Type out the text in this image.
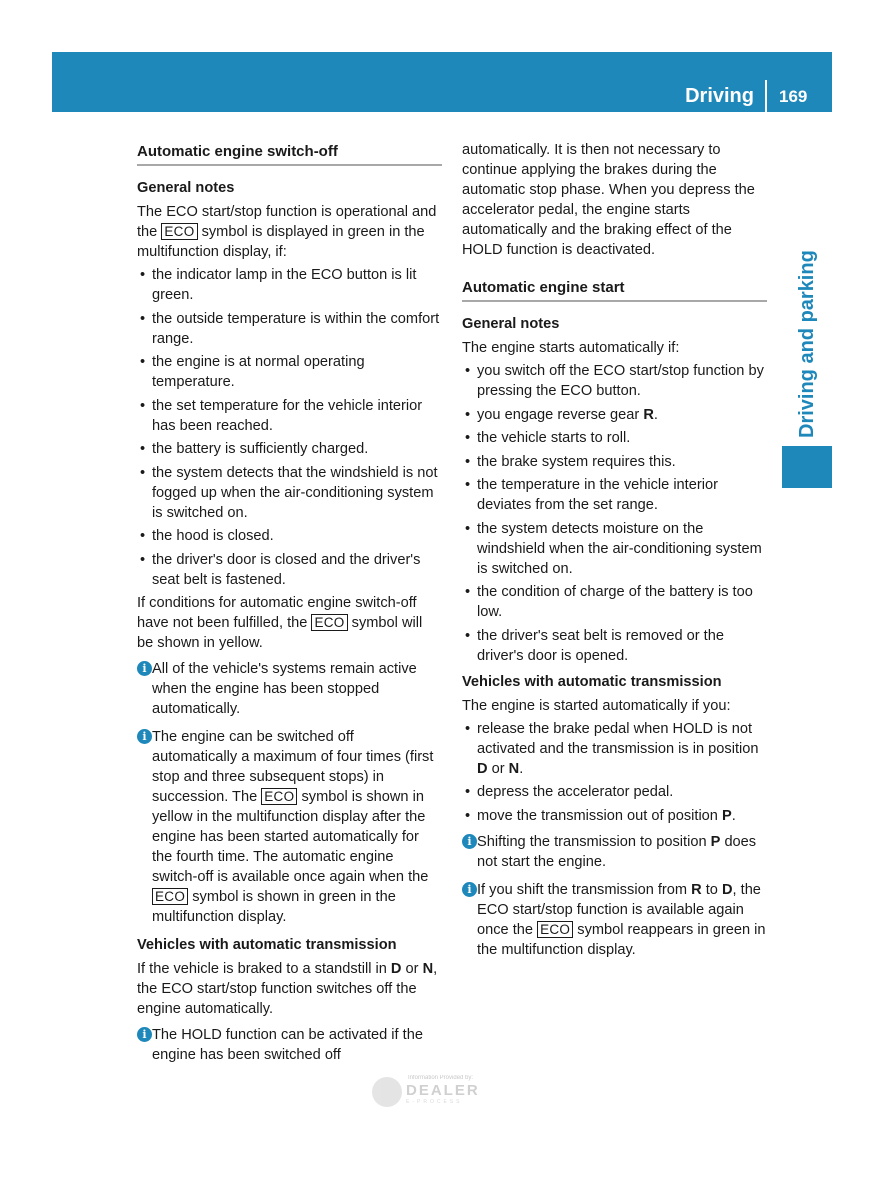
Driving 169
Driving and parking
Automatic engine switch-off
General notes

The ECO start/stop function is operational and the ECO symbol is displayed in green in the multifunction display, if:

• the indicator lamp in the ECO button is lit green.
• the outside temperature is within the comfort range.
• the engine is at normal operating temperature.
• the set temperature for the vehicle interior has been reached.
• the battery is sufficiently charged.
• the system detects that the windshield is not fogged up when the air-conditioning system is switched on.
• the hood is closed.
• the driver's door is closed and the driver's seat belt is fastened.

If conditions for automatic engine switch-off have not been fulfilled, the ECO symbol will be shown in yellow.

i All of the vehicle's systems remain active when the engine has been stopped automatically.
i The engine can be switched off automatically a maximum of four times (first stop and three subsequent stops) in succession. The ECO symbol is shown in yellow in the multifunction display after the engine has been started automatically for the fourth time. The automatic engine switch-off is available once again when the ECO symbol is shown in green in the multifunction display.
Vehicles with automatic transmission

If the vehicle is braked to a standstill in D or N, the ECO start/stop function switches off the engine automatically.

i The HOLD function can be activated if the engine has been switched off

automatically. It is then not necessary to continue applying the brakes during the automatic stop phase. When you depress the accelerator pedal, the engine starts automatically and the braking effect of the HOLD function is deactivated.

Automatic engine start
General notes

The engine starts automatically if:

• you switch off the ECO start/stop function by pressing the ECO button.
• you engage reverse gear R.
• the vehicle starts to roll.
• the brake system requires this.
• the temperature in the vehicle interior deviates from the set range.
• the system detects moisture on the windshield when the air-conditioning system is switched on.
• the condition of charge of the battery is too low.
• the driver's seat belt is removed or the driver's door is opened.
Vehicles with automatic transmission

The engine is started automatically if you:

• release the brake pedal when HOLD is not activated and the transmission is in position D or N.
• depress the accelerator pedal.
• move the transmission out of position P.
i Shifting the transmission to position P does not start the engine.
i If you shift the transmission from R to D, the ECO start/stop function is available again once the ECO symbol reappears in green in the multifunction display.
Information Provided by:
DEALER
E-PROCESS
